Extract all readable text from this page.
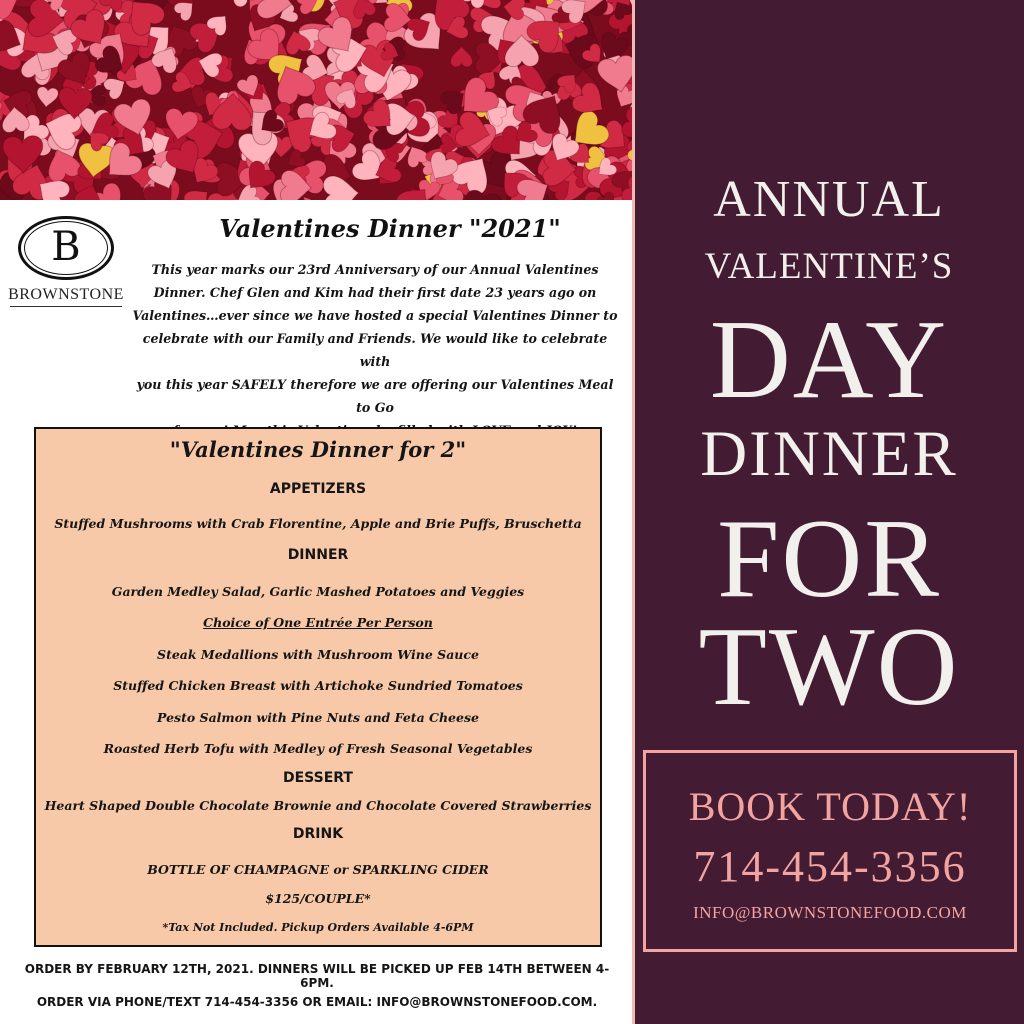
B
BROWNSTONE
Valentines Dinner "2021"
This year marks our 23rd Anniversary of our Annual Valentines
Dinner. Chef Glen and Kim had their first date 23 years ago on
Valentines…ever since we have hosted a special Valentines Dinner to
celebrate with our Family and Friends. We would like to celebrate with
you this year SAFELY therefore we are offering our Valentines Meal to Go
"Valentines Dinner for 2"
APPETIZERS
Stuffed Mushrooms with Crab Florentine, Apple and Brie Puffs, Bruschetta
DINNER
Garden Medley Salad, Garlic Mashed Potatoes and Veggies
Choice of One Entrée Per Person
Steak Medallions with Mushroom Wine Sauce
Stuffed Chicken Breast with Artichoke Sundried Tomatoes
Pesto Salmon with Pine Nuts and Feta Cheese
Roasted Herb Tofu with Medley of Fresh Seasonal Vegetables
DESSERT
Heart Shaped Double Chocolate Brownie and Chocolate Covered Strawberries
DRINK
BOTTLE OF CHAMPAGNE or SPARKLING CIDER
$125/COUPLE*
*Tax Not Included. Pickup Orders Available 4-6PM
ORDER BY FEBRUARY 12TH, 2021. DINNERS WILL BE PICKED UP FEB 14TH BETWEEN 4-6PM.
ORDER VIA PHONE/TEXT 714-454-3356 OR EMAIL: INFO@BROWNSTONEFOOD.COM.
ANNUAL
VALENTINE’S
DAY
DINNER
FOR
TWO
BOOK TODAY!
714-454-3356
INFO@BROWNSTONEFOOD.COM
